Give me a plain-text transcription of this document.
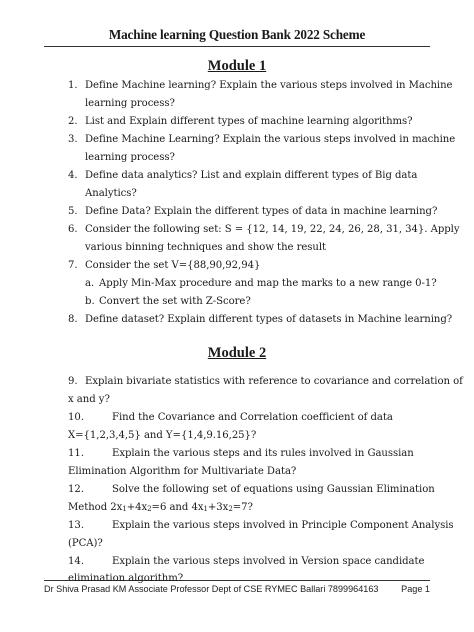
Machine learning Question Bank 2022 Scheme
Module 1
1. Define Machine learning? Explain the various steps involved in Machine
learning process?
2. List and Explain different types of machine learning algorithms?
3. Define Machine Learning? Explain the various steps involved in machine
learning process?
4. Define data analytics? List and explain different types of Big data
Analytics?
5. Define Data? Explain the different types of data in machine learning?
6. Consider the following set: S = {12, 14, 19, 22, 24, 26, 28, 31, 34}. Apply
various binning techniques and show the result
7. Consider the set V={88,90,92,94}
a. Apply Min-Max procedure and map the marks to a new range 0-1?
b. Convert the set with Z-Score?
8. Define dataset? Explain different types of datasets in Machine learning?
Module 2
9. Explain bivariate statistics with reference to covariance and correlation of
x and y?
10.	Find the Covariance and Correlation coefficient of data
X={1,2,3,4,5} and Y={1,4,9.16,25}?
11.	Explain the various steps and its rules involved in Gaussian
Elimination Algorithm for Multivariate Data?
12.	Solve the following set of equations using Gaussian Elimination
Method $2x_1+4x_2=6$ and $4x_1+3x_2=7$?
13.	Explain the various steps involved in Principle Component Analysis
(PCA)?
14.	Explain the various steps involved in Version space candidate
Dr Shiva Prasad KM Associate Professor Dept of CSE RYMEC Ballari 7899964163 Page 1
elimination algorithm?
